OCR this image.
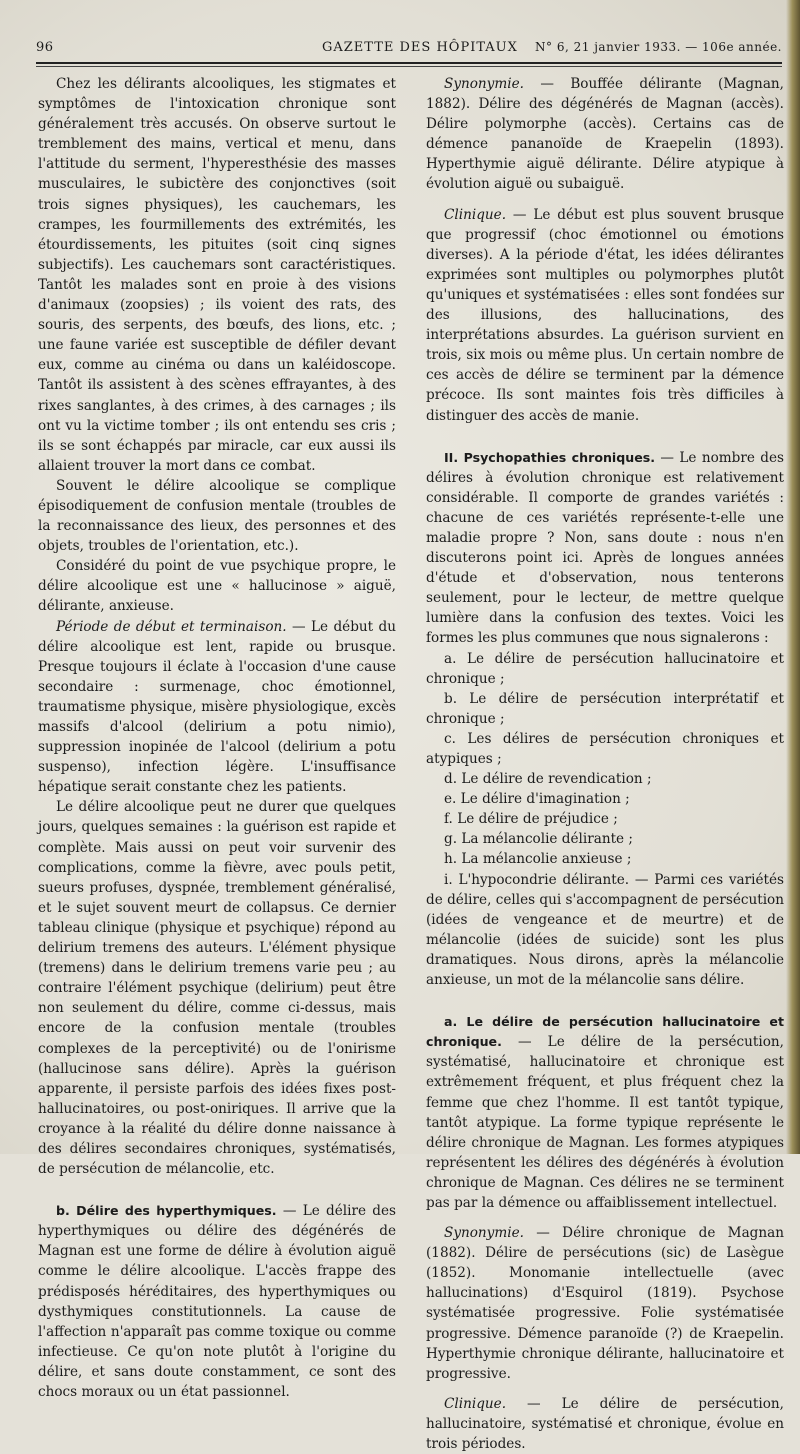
96	GAZETTE DES HÔPITAUX N° 6, 21 janvier 1933. — 106e année.

Chez les délirants alcooliques, les stigmates et symptômes de l'intoxication chronique sont généralement très accusés. On observe surtout le tremblement des mains, vertical et menu, dans l'attitude du serment, l'hyperesthésie des masses musculaires, le subictère des conjonctives (soit trois signes physiques), les cauchemars, les crampes, les fourmillements des extrémités, les étourdissements, les pituites (soit cinq signes subjectifs). Les cauchemars sont caractéristiques. Tantôt les malades sont en proie à des visions d'animaux (zoopsies) ; ils voient des rats, des souris, des serpents, des bœufs, des lions, etc. ; une faune variée est susceptible de défiler devant eux, comme au cinéma ou dans un kaléidoscope. Tantôt ils assistent à des scènes effrayantes, à des rixes sanglantes, à des crimes, à des carnages ; ils ont vu la victime tomber ; ils ont entendu ses cris ; ils se sont échappés par miracle, car eux aussi ils allaient trouver la mort dans ce combat.

Souvent le délire alcoolique se complique épisodiquement de confusion mentale (troubles de la reconnaissance des lieux, des personnes et des objets, troubles de l'orientation, etc.).

Considéré du point de vue psychique propre, le délire alcoolique est une « hallucinose » aiguë, délirante, anxieuse.

Période de début et terminaison. — Le début du délire alcoolique est lent, rapide ou brusque. Presque toujours il éclate à l'occasion d'une cause secondaire : surmenage, choc émotionnel, traumatisme physique, misère physiologique, excès massifs d'alcool (delirium a potu nimio), suppression inopinée de l'alcool (delirium a potu suspenso), infection légère. L'insuffisance hépatique serait constante chez les patients.

Le délire alcoolique peut ne durer que quelques jours, quelques semaines : la guérison est rapide et complète. Mais aussi on peut voir survenir des complications, comme la fièvre, avec pouls petit, sueurs profuses, dyspnée, tremblement généralisé, et le sujet souvent meurt de collapsus. Ce dernier tableau clinique (physique et psychique) répond au delirium tremens des auteurs. L'élément physique (tremens) dans le delirium tremens varie peu ; au contraire l'élément psychique (delirium) peut être non seulement du délire, comme ci-dessus, mais encore de la confusion mentale (troubles complexes de la perceptivité) ou de l'onirisme (hallucinose sans délire). Après la guérison apparente, il persiste parfois des idées fixes post-hallucinatoires, ou post-oniriques. Il arrive que la croyance à la réalité du délire donne naissance à des délires secondaires chroniques, systématisés, de persécution de mélancolie, etc.

b. Délire des hyperthymiques. — Le délire des hyperthymiques ou délire des dégénérés de Magnan est une forme de délire à évolution aiguë comme le délire alcoolique. L'accès frappe des prédisposés héréditaires, des hyperthymiques ou dysthymiques constitutionnels. La cause de l'affection n'apparaît pas comme toxique ou comme infectieuse. Ce qu'on note plutôt à l'origine du délire, et sans doute constamment, ce sont des chocs moraux ou un état passionnel.

Synonymie. — Bouffée délirante (Magnan, 1882). Délire des dégénérés de Magnan (accès). Délire polymorphe (accès). Certains cas de démence pananoïde de Kraepelin (1893). Hyperthymie aiguë délirante. Délire atypique à évolution aiguë ou subaiguë.

Clinique. — Le début est plus souvent brusque que progressif (choc émotionnel ou émotions diverses). A la période d'état, les idées délirantes exprimées sont multiples ou polymorphes plutôt qu'uniques et systématisées : elles sont fondées sur des illusions, des hallucinations, des interprétations absurdes. La guérison survient en trois, six mois ou même plus. Un certain nombre de ces accès de délire se terminent par la démence précoce. Ils sont maintes fois très difficiles à distinguer des accès de manie.

II. Psychopathies chroniques. — Le nombre des délires à évolution chronique est relativement considérable. Il comporte de grandes variétés : chacune de ces variétés représente-t-elle une maladie propre ? Non, sans doute : nous n'en discuterons point ici. Après de longues années d'étude et d'observation, nous tenterons seulement, pour le lecteur, de mettre quelque lumière dans la confusion des textes. Voici les formes les plus communes que nous signalerons :

a. Le délire de persécution hallucinatoire et chronique ;

b. Le délire de persécution interprétatif et chronique ;

c. Les délires de persécution chroniques et atypiques ;

d. Le délire de revendication ;

e. Le délire d'imagination ;

f. Le délire de préjudice ;

g. La mélancolie délirante ;

h. La mélancolie anxieuse ;

i. L'hypocondrie délirante. — Parmi ces variétés de délire, celles qui s'accompagnent de persécution (idées de vengeance et de meurtre) et de mélancolie (idées de suicide) sont les plus dramatiques. Nous dirons, après la mélancolie anxieuse, un mot de la mélancolie sans délire.

a. Le délire de persécution hallucinatoire et chronique. — Le délire de la persécution, systématisé, hallucinatoire et chronique est extrêmement fréquent, et plus fréquent chez la femme que chez l'homme. Il est tantôt typique, tantôt atypique. La forme typique représente le délire chronique de Magnan. Les formes atypiques représentent les délires des dégénérés à évolution chronique de Magnan. Ces délires ne se terminent pas par la démence ou affaiblissement intellectuel.

Synonymie. — Délire chronique de Magnan (1882). Délire de persécutions (sic) de Lasègue (1852). Monomanie intellectuelle (avec hallucinations) d'Esquirol (1819). Psychose systématisée progressive. Folie systématisée progressive. Démence paranoïde (?) de Kraepelin. Hyperthymie chronique délirante, hallucinatoire et progressive.

Clinique. — Le délire de persécution, hallucinatoire, systématisé et chronique, évolue en trois périodes.
